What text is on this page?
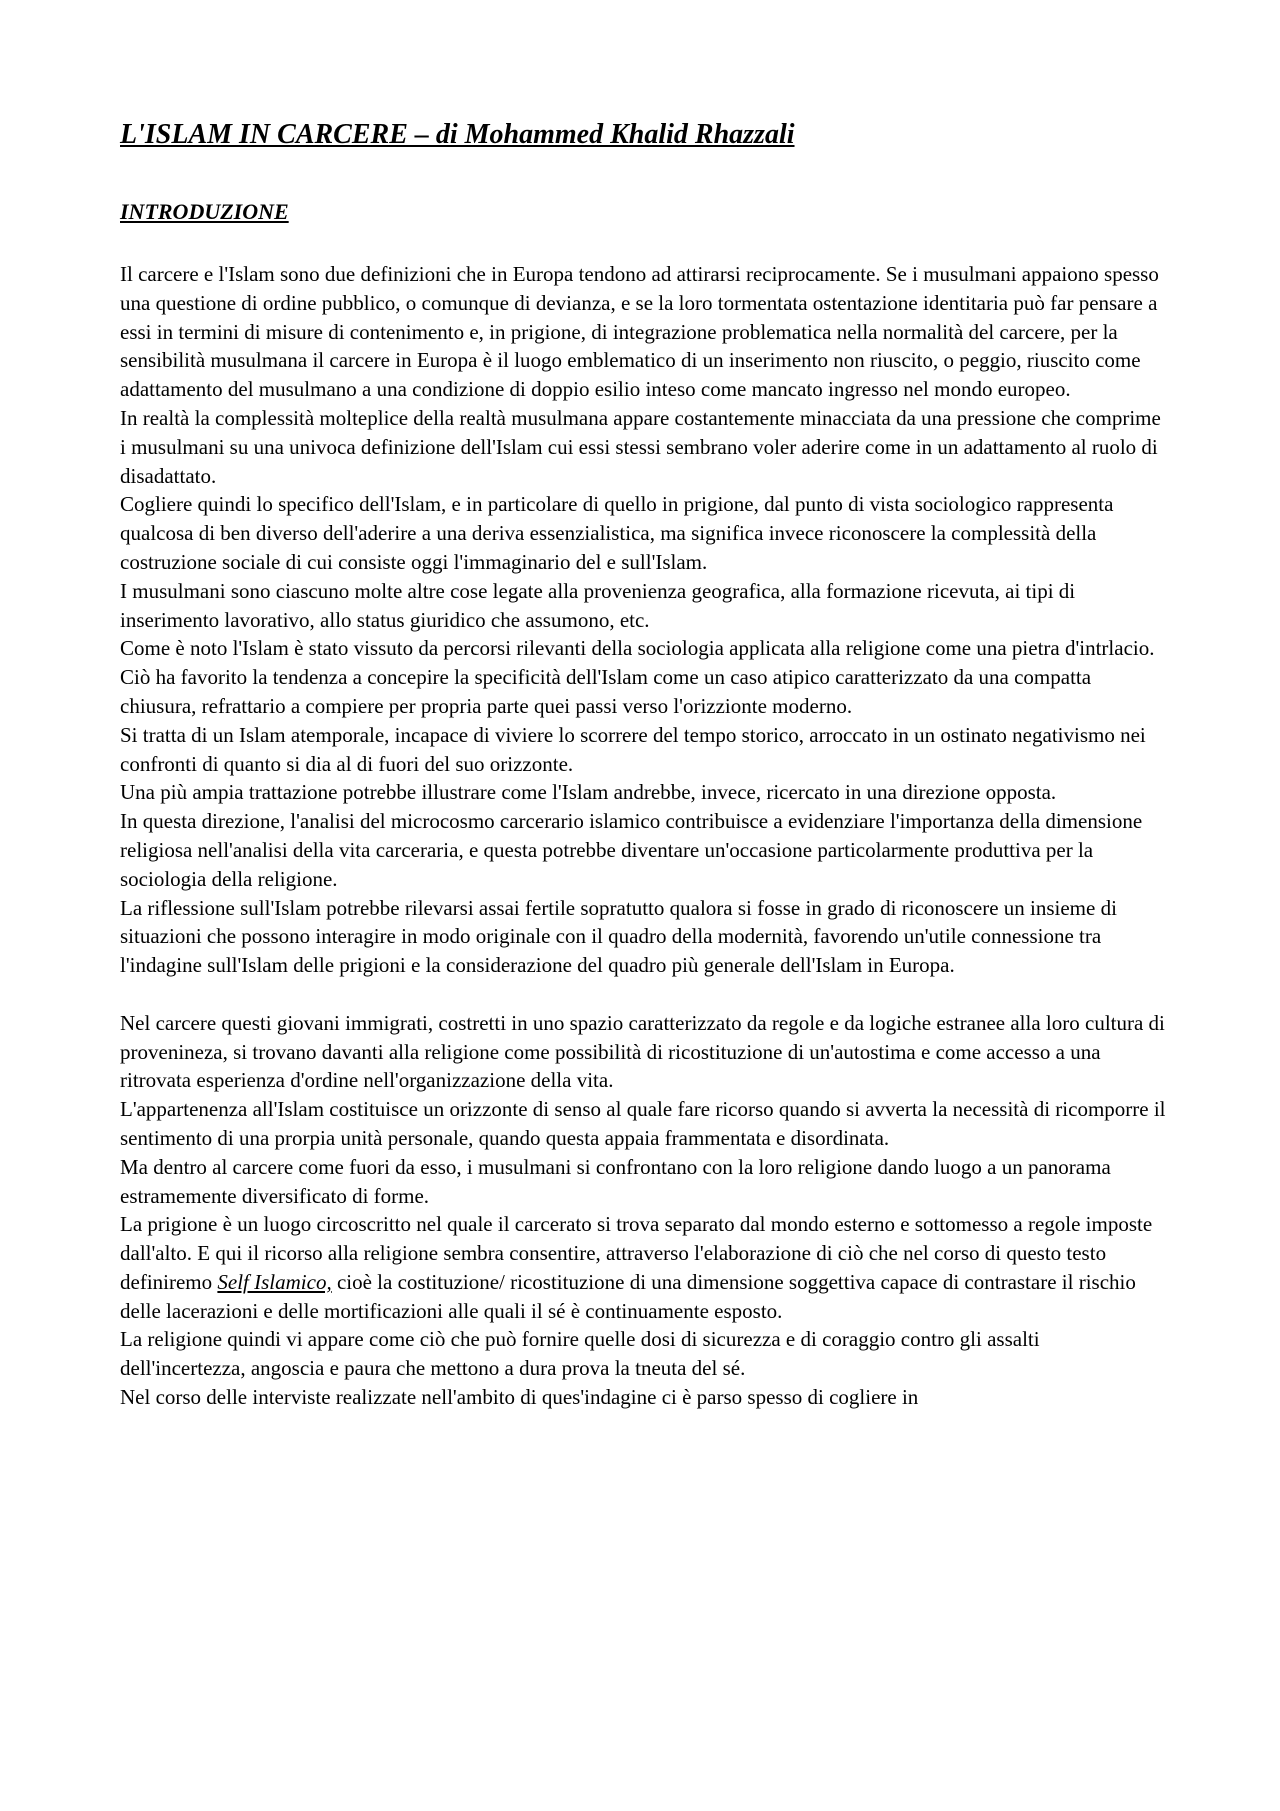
L'ISLAM IN CARCERE – di Mohammed Khalid Rhazzali
INTRODUZIONE

Il carcere e l'Islam sono due definizioni che in Europa tendono ad attirarsi reciprocamente. Se i musulmani appaiono spesso una questione di ordine pubblico, o comunque di devianza, e se la loro tormentata ostentazione identitaria può far pensare a essi in termini di misure di contenimento e, in prigione, di integrazione problematica nella normalità del carcere, per la sensibilità musulmana il carcere in Europa è il luogo emblematico di un inserimento non riuscito, o peggio, riuscito come adattamento del musulmano a una condizione di doppio esilio inteso come mancato ingresso nel mondo europeo.

In realtà la complessità molteplice della realtà musulmana appare costantemente minacciata da una pressione che comprime i musulmani su una univoca definizione dell'Islam cui essi stessi sembrano voler aderire come in un adattamento al ruolo di disadattato.

Cogliere quindi lo specifico dell'Islam, e in particolare di quello in prigione, dal punto di vista sociologico rappresenta qualcosa di ben diverso dell'aderire a una deriva essenzialistica, ma significa invece riconoscere la complessità della costruzione sociale di cui consiste oggi l'immaginario del e sull'Islam.

I musulmani sono ciascuno molte altre cose legate alla provenienza geografica, alla formazione ricevuta, ai tipi di inserimento lavorativo, allo status giuridico che assumono, etc.

Come è noto l'Islam è stato vissuto da percorsi rilevanti della sociologia applicata alla religione come una pietra d'intrlacio. Ciò ha favorito la tendenza a concepire la specificità dell'Islam come un caso atipico caratterizzato da una compatta chiusura, refrattario a compiere per propria parte quei passi verso l'orizzionte moderno.

Si tratta di un Islam atemporale, incapace di viviere lo scorrere del tempo storico, arroccato in un ostinato negativismo nei confronti di quanto si dia al di fuori del suo orizzonte.

Una più ampia trattazione potrebbe illustrare come l'Islam andrebbe, invece, ricercato in una direzione opposta.

In questa direzione, l'analisi del microcosmo carcerario islamico contribuisce a evidenziare l'importanza della dimensione religiosa nell'analisi della vita carceraria, e questa potrebbe diventare un'occasione particolarmente produttiva per la sociologia della religione.

La riflessione sull'Islam potrebbe rilevarsi assai fertile sopratutto qualora si fosse in grado di riconoscere un insieme di situazioni che possono interagire in modo originale con il quadro della modernità, favorendo un'utile connessione tra l'indagine sull'Islam delle prigioni e la considerazione del quadro più generale dell'Islam in Europa.

Nel carcere questi giovani immigrati, costretti in uno spazio caratterizzato da regole e da logiche estranee alla loro cultura di provenineza, si trovano davanti alla religione come possibilità di ricostituzione di un'autostima e come accesso a una ritrovata esperienza d'ordine nell'organizzazione della vita.

L'appartenenza all'Islam costituisce un orizzonte di senso al quale fare ricorso quando si avverta la necessità di ricomporre il sentimento di una prorpia unità personale, quando questa appaia frammentata e disordinata.

Ma dentro al carcere come fuori da esso, i musulmani si confrontano con la loro religione dando luogo a un panorama estramemente diversificato di forme.

La prigione è un luogo circoscritto nel quale il carcerato si trova separato dal mondo esterno e sottomesso a regole imposte dall'alto. E qui il ricorso alla religione sembra consentire, attraverso l'elaborazione di ciò che nel corso di questo testo definiremo Self Islamico, cioè la costituzione/ ricostituzione di una dimensione soggettiva capace di contrastare il rischio delle lacerazioni e delle mortificazioni alle quali il sé è continuamente esposto.

La religione quindi vi appare come ciò che può fornire quelle dosi di sicurezza e di coraggio contro gli assalti dell'incertezza, angoscia e paura che mettono a dura prova la tneuta del sé.

Nel corso delle interviste realizzate nell'ambito di ques'indagine ci è parso spesso di cogliere in
